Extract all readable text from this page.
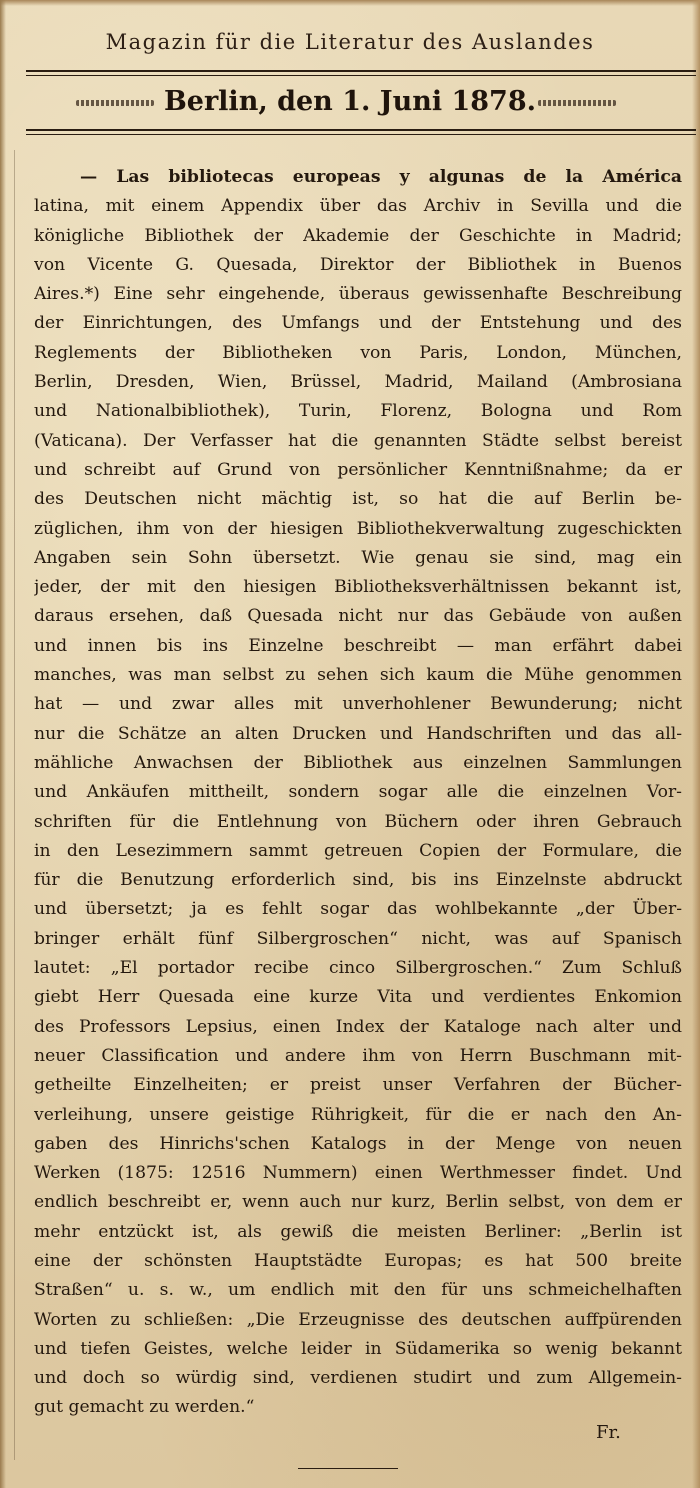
Magazin für die Literatur des Auslandes
Berlin, den 1. Juni 1878.
— Las bibliotecas europeas y algunas de la América
latina, mit einem Appendix über das Archiv in Sevilla und die
königliche Bibliothek der Akademie der Geschichte in Madrid;
von Vicente G. Quesada, Direktor der Bibliothek in Buenos
Aires.*) Eine sehr eingehende, überaus gewissenhafte Beschreibung
der Einrichtungen, des Umfangs und der Entstehung und des
Reglements der Bibliotheken von Paris, London, München,
Berlin, Dresden, Wien, Brüssel, Madrid, Mailand (Ambrosiana
und Nationalbibliothek), Turin, Florenz, Bologna und Rom
(Vaticana). Der Verfasser hat die genannten Städte selbst bereist
und schreibt auf Grund von persönlicher Kenntnißnahme; da er
des Deutschen nicht mächtig ist, so hat die auf Berlin be-
züglichen, ihm von der hiesigen Bibliothekverwaltung zugeschickten
Angaben sein Sohn übersetzt. Wie genau sie sind, mag ein
jeder, der mit den hiesigen Bibliotheksverhältnissen bekannt ist,
daraus ersehen, daß Quesada nicht nur das Gebäude von außen
und innen bis ins Einzelne beschreibt — man erfährt dabei
manches, was man selbst zu sehen sich kaum die Mühe genommen
hat — und zwar alles mit unverhohlener Bewunderung; nicht
nur die Schätze an alten Drucken und Handschriften und das all-
mähliche Anwachsen der Bibliothek aus einzelnen Sammlungen
und Ankäufen mittheilt, sondern sogar alle die einzelnen Vor-
schriften für die Entlehnung von Büchern oder ihren Gebrauch
in den Lesezimmern sammt getreuen Copien der Formulare, die
für die Benutzung erforderlich sind, bis ins Einzelnste abdruckt
und übersetzt; ja es fehlt sogar das wohlbekannte „der Über-
bringer erhält fünf Silbergroschen“ nicht, was auf Spanisch
lautet: „El portador recibe cinco Silbergroschen.“ Zum Schluß
giebt Herr Quesada eine kurze Vita und verdientes Enkomion
des Professors Lepsius, einen Index der Kataloge nach alter und
neuer Classification und andere ihm von Herrn Buschmann mit-
getheilte Einzelheiten; er preist unser Verfahren der Bücher-
verleihung, unsere geistige Rührigkeit, für die er nach den An-
gaben des Hinrichs'schen Katalogs in der Menge von neuen
Werken (1875: 12516 Nummern) einen Werthmesser findet. Und
endlich beschreibt er, wenn auch nur kurz, Berlin selbst, von dem er
mehr entzückt ist, als gewiß die meisten Berliner: „Berlin ist
eine der schönsten Hauptstädte Europas; es hat 500 breite
Straßen“ u. s. w., um endlich mit den für uns schmeichelhaften
Worten zu schließen: „Die Erzeugnisse des deutschen auffpürenden
und tiefen Geistes, welche leider in Südamerika so wenig bekannt
und doch so würdig sind, verdienen studirt und zum Allgemein-
gut gemacht zu werden.“
Fr.
